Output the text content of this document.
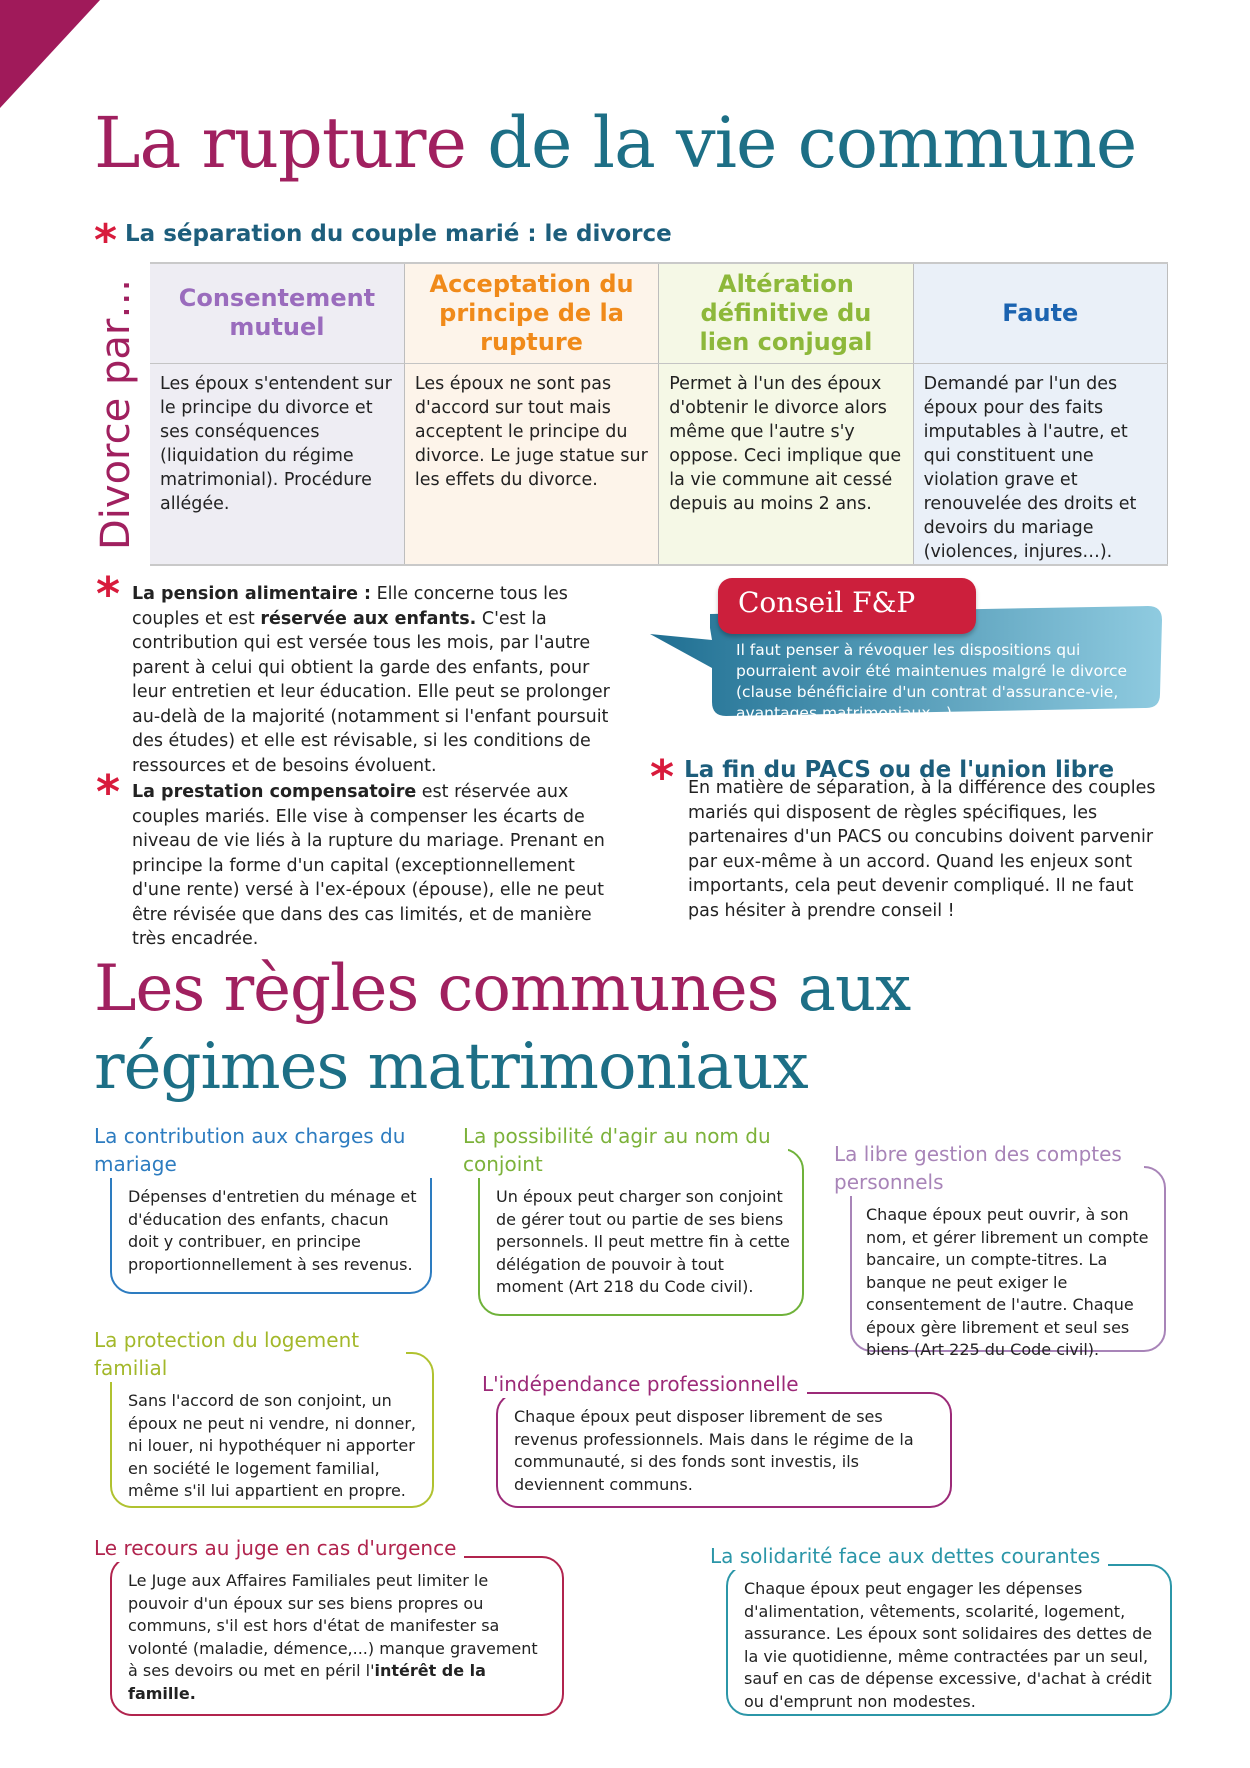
La rupture de la vie commune
* La séparation du couple marié : le divorce
Divorce par… Consentement mutuel	Acceptation du principe de la rupture	Altération définitive du lien conjugal	Faute
Les époux s'entendent sur le principe du divorce et ses conséquences (liquidation du régime matrimonial). Procédure allégée.	Les époux ne sont pas d'accord sur tout mais acceptent le principe du divorce. Le juge statue sur les effets du divorce.	Permet à l'un des époux d'obtenir le divorce alors même que l'autre s'y oppose. Ceci implique que la vie commune ait cessé depuis au moins 2 ans.	Demandé par l'un des époux pour des faits imputables à l'autre, et qui constituent une violation grave et renouvelée des droits et devoirs du mariage (violences, injures…).
* La pension alimentaire : Elle concerne tous les couples et est réservée aux enfants. C'est la contribution qui est versée tous les mois, par l'autre parent à celui qui obtient la garde des enfants, pour leur entretien et leur éducation. Elle peut se prolonger au-delà de la majorité (notamment si l'enfant poursuit des études) et elle est révisable, si les conditions de ressources et de besoins évoluent.
* La prestation compensatoire est réservée aux couples mariés. Elle vise à compenser les écarts de niveau de vie liés à la rupture du mariage. Prenant en principe la forme d'un capital (exceptionnellement d'une rente) versé à l'ex-époux (épouse), elle ne peut être révisée que dans des cas limités, et de manière très encadrée.
Conseil F&P
Il faut penser à révoquer les dispositions qui pourraient avoir été maintenues malgré le divorce (clause bénéficiaire d'un contrat d'assurance-vie, avantages matrimoniaux…)
* La fin du PACS ou de l'union libre
En matière de séparation, à la différence des couples mariés qui disposent de règles spécifiques, les partenaires d'un PACS ou concubins doivent parvenir par eux-même à un accord. Quand les enjeux sont importants, cela peut devenir compliqué. Il ne faut pas hésiter à prendre conseil !
Les règles communes aux
régimes matrimoniaux
La contribution aux charges du mariage
Dépenses d'entretien du ménage et d'éducation des enfants, chacun doit y contribuer, en principe proportionnellement à ses revenus.
La possibilité d'agir au nom du conjoint
Un époux peut charger son conjoint de gérer tout ou partie de ses biens personnels. Il peut mettre fin à cette délégation de pouvoir à tout moment (Art 218 du Code civil).
La libre gestion des comptes personnels
Chaque époux peut ouvrir, à son nom, et gérer librement un compte bancaire, un compte-titres. La banque ne peut exiger le consentement de l'autre. Chaque époux gère librement et seul ses biens (Art 225 du Code civil).
La protection du logement familial
Sans l'accord de son conjoint, un époux ne peut ni vendre, ni donner, ni louer, ni hypothéquer ni apporter en société le logement familial, même s'il lui appartient en propre.
L'indépendance professionnelle
Chaque époux peut disposer librement de ses revenus professionnels. Mais dans le régime de la communauté, si des fonds sont investis, ils deviennent communs.
Le recours au juge en cas d'urgence
Le Juge aux Affaires Familiales peut limiter le pouvoir d'un époux sur ses biens propres ou communs, s'il est hors d'état de manifester sa volonté (maladie, démence,...) manque gravement à ses devoirs ou met en péril l'intérêt de la famille.
La solidarité face aux dettes courantes
Chaque époux peut engager les dépenses d'alimentation, vêtements, scolarité, logement, assurance. Les époux sont solidaires des dettes de la vie quotidienne, même contractées par un seul, sauf en cas de dépense excessive, d'achat à crédit ou d'emprunt non modestes.
